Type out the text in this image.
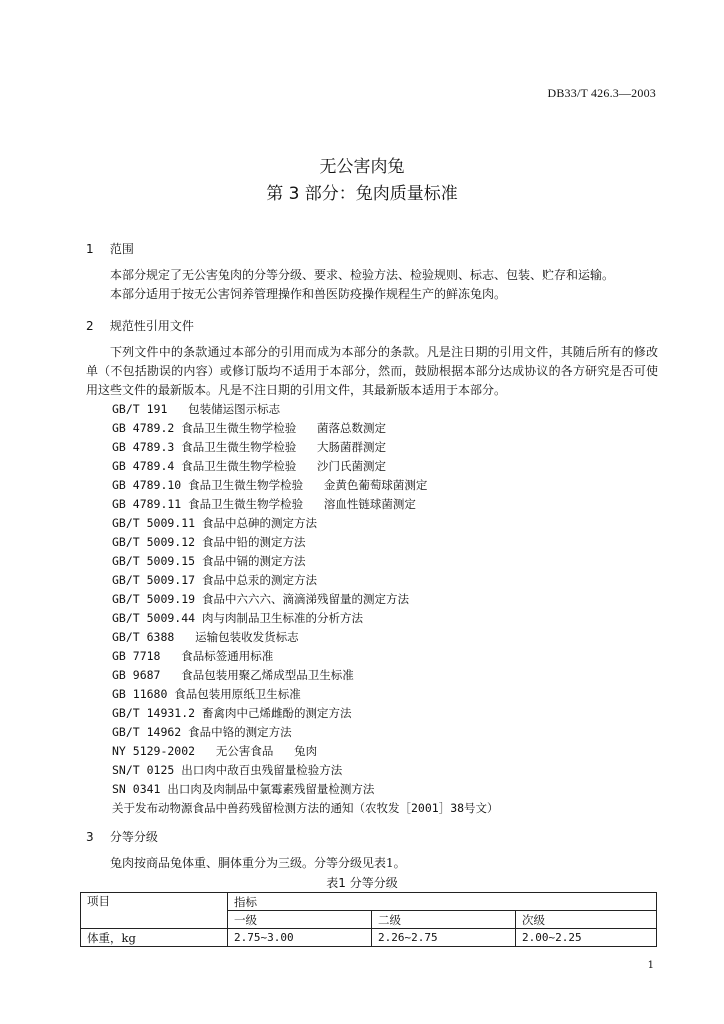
DB33/T 426.3—2003
无公害肉兔
第 3 部分：兔肉质量标准
1 范围
本部分规定了无公害兔肉的分等分级、要求、检验方法、检验规则、标志、包装、贮存和运输。
本部分适用于按无公害饲养管理操作和兽医防疫操作规程生产的鲜冻兔肉。
2 规范性引用文件
下列文件中的条款通过本部分的引用而成为本部分的条款。凡是注日期的引用文件，其随后所有的修改单（不包括勘误的内容）或修订版均不适用于本部分，然而，鼓励根据本部分达成协议的各方研究是否可使用这些文件的最新版本。凡是不注日期的引用文件，其最新版本适用于本部分。
GB/T 191   包装储运图示标志
GB 4789.2 食品卫生微生物学检验   菌落总数测定
GB 4789.3 食品卫生微生物学检验   大肠菌群测定
GB 4789.4 食品卫生微生物学检验   沙门氏菌测定
GB 4789.10 食品卫生微生物学检验   金黄色葡萄球菌测定
GB 4789.11 食品卫生微生物学检验   溶血性链球菌测定
GB/T 5009.11 食品中总砷的测定方法
GB/T 5009.12 食品中铅的测定方法
GB/T 5009.15 食品中镉的测定方法
GB/T 5009.17 食品中总汞的测定方法
GB/T 5009.19 食品中六六六、滴滴涕残留量的测定方法
GB/T 5009.44 肉与肉制品卫生标准的分析方法
GB/T 6388   运输包装收发货标志
GB 7718   食品标签通用标准
GB 9687   食品包装用聚乙烯成型品卫生标准
GB 11680 食品包装用原纸卫生标准
GB/T 14931.2 畜禽肉中己烯雌酚的测定方法
GB/T 14962 食品中铬的测定方法
NY 5129-2002   无公害食品   兔肉
SN/T 0125 出口肉中敌百虫残留量检验方法
SN 0341 出口肉及肉制品中氯霉素残留量检测方法
关于发布动物源食品中兽药残留检测方法的通知（农牧发［2001］38号文）
3 分等分级
兔肉按商品兔体重、胴体重分为三级。分等分级见表1。
表1 分等分级
项目	指标		
	一级	二级	次级
体重，kg	2.75~3.00	2.26~2.75	2.00~2.25
1
